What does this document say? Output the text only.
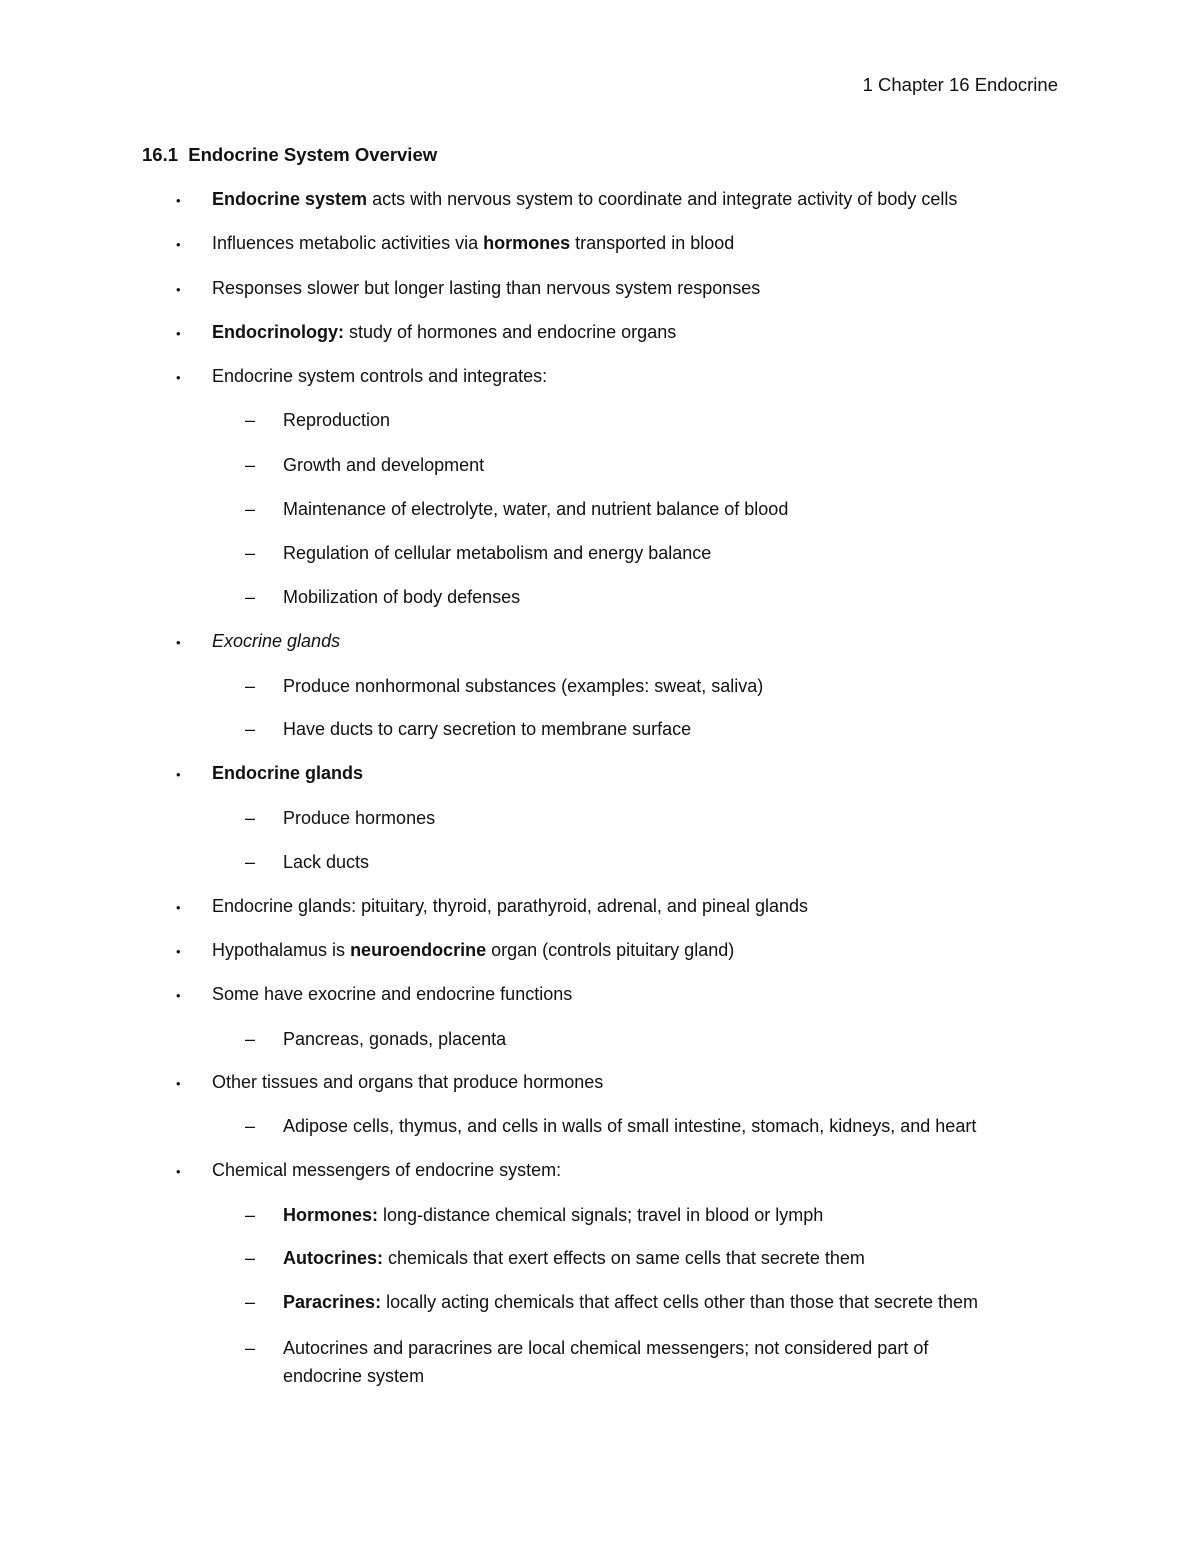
1 Chapter 16 Endocrine
16.1 Endocrine System Overview
• Endocrine system acts with nervous system to coordinate and integrate activity of body cells
• Influences metabolic activities via hormones transported in blood
• Responses slower but longer lasting than nervous system responses
• Endocrinology: study of hormones and endocrine organs
• Endocrine system controls and integrates:
– Reproduction
– Growth and development
– Maintenance of electrolyte, water, and nutrient balance of blood
– Regulation of cellular metabolism and energy balance
– Mobilization of body defenses
• Exocrine glands
– Produce nonhormonal substances (examples: sweat, saliva)
– Have ducts to carry secretion to membrane surface
• Endocrine glands
– Produce hormones
– Lack ducts
• Endocrine glands: pituitary, thyroid, parathyroid, adrenal, and pineal glands
• Hypothalamus is neuroendocrine organ (controls pituitary gland)
• Some have exocrine and endocrine functions
– Pancreas, gonads, placenta
• Other tissues and organs that produce hormones
– Adipose cells, thymus, and cells in walls of small intestine, stomach, kidneys, and heart
• Chemical messengers of endocrine system:
– Hormones: long-distance chemical signals; travel in blood or lymph
– Autocrines: chemicals that exert effects on same cells that secrete them
– Paracrines: locally acting chemicals that affect cells other than those that secrete them
– Autocrines and paracrines are local chemical messengers; not considered part of endocrine system
